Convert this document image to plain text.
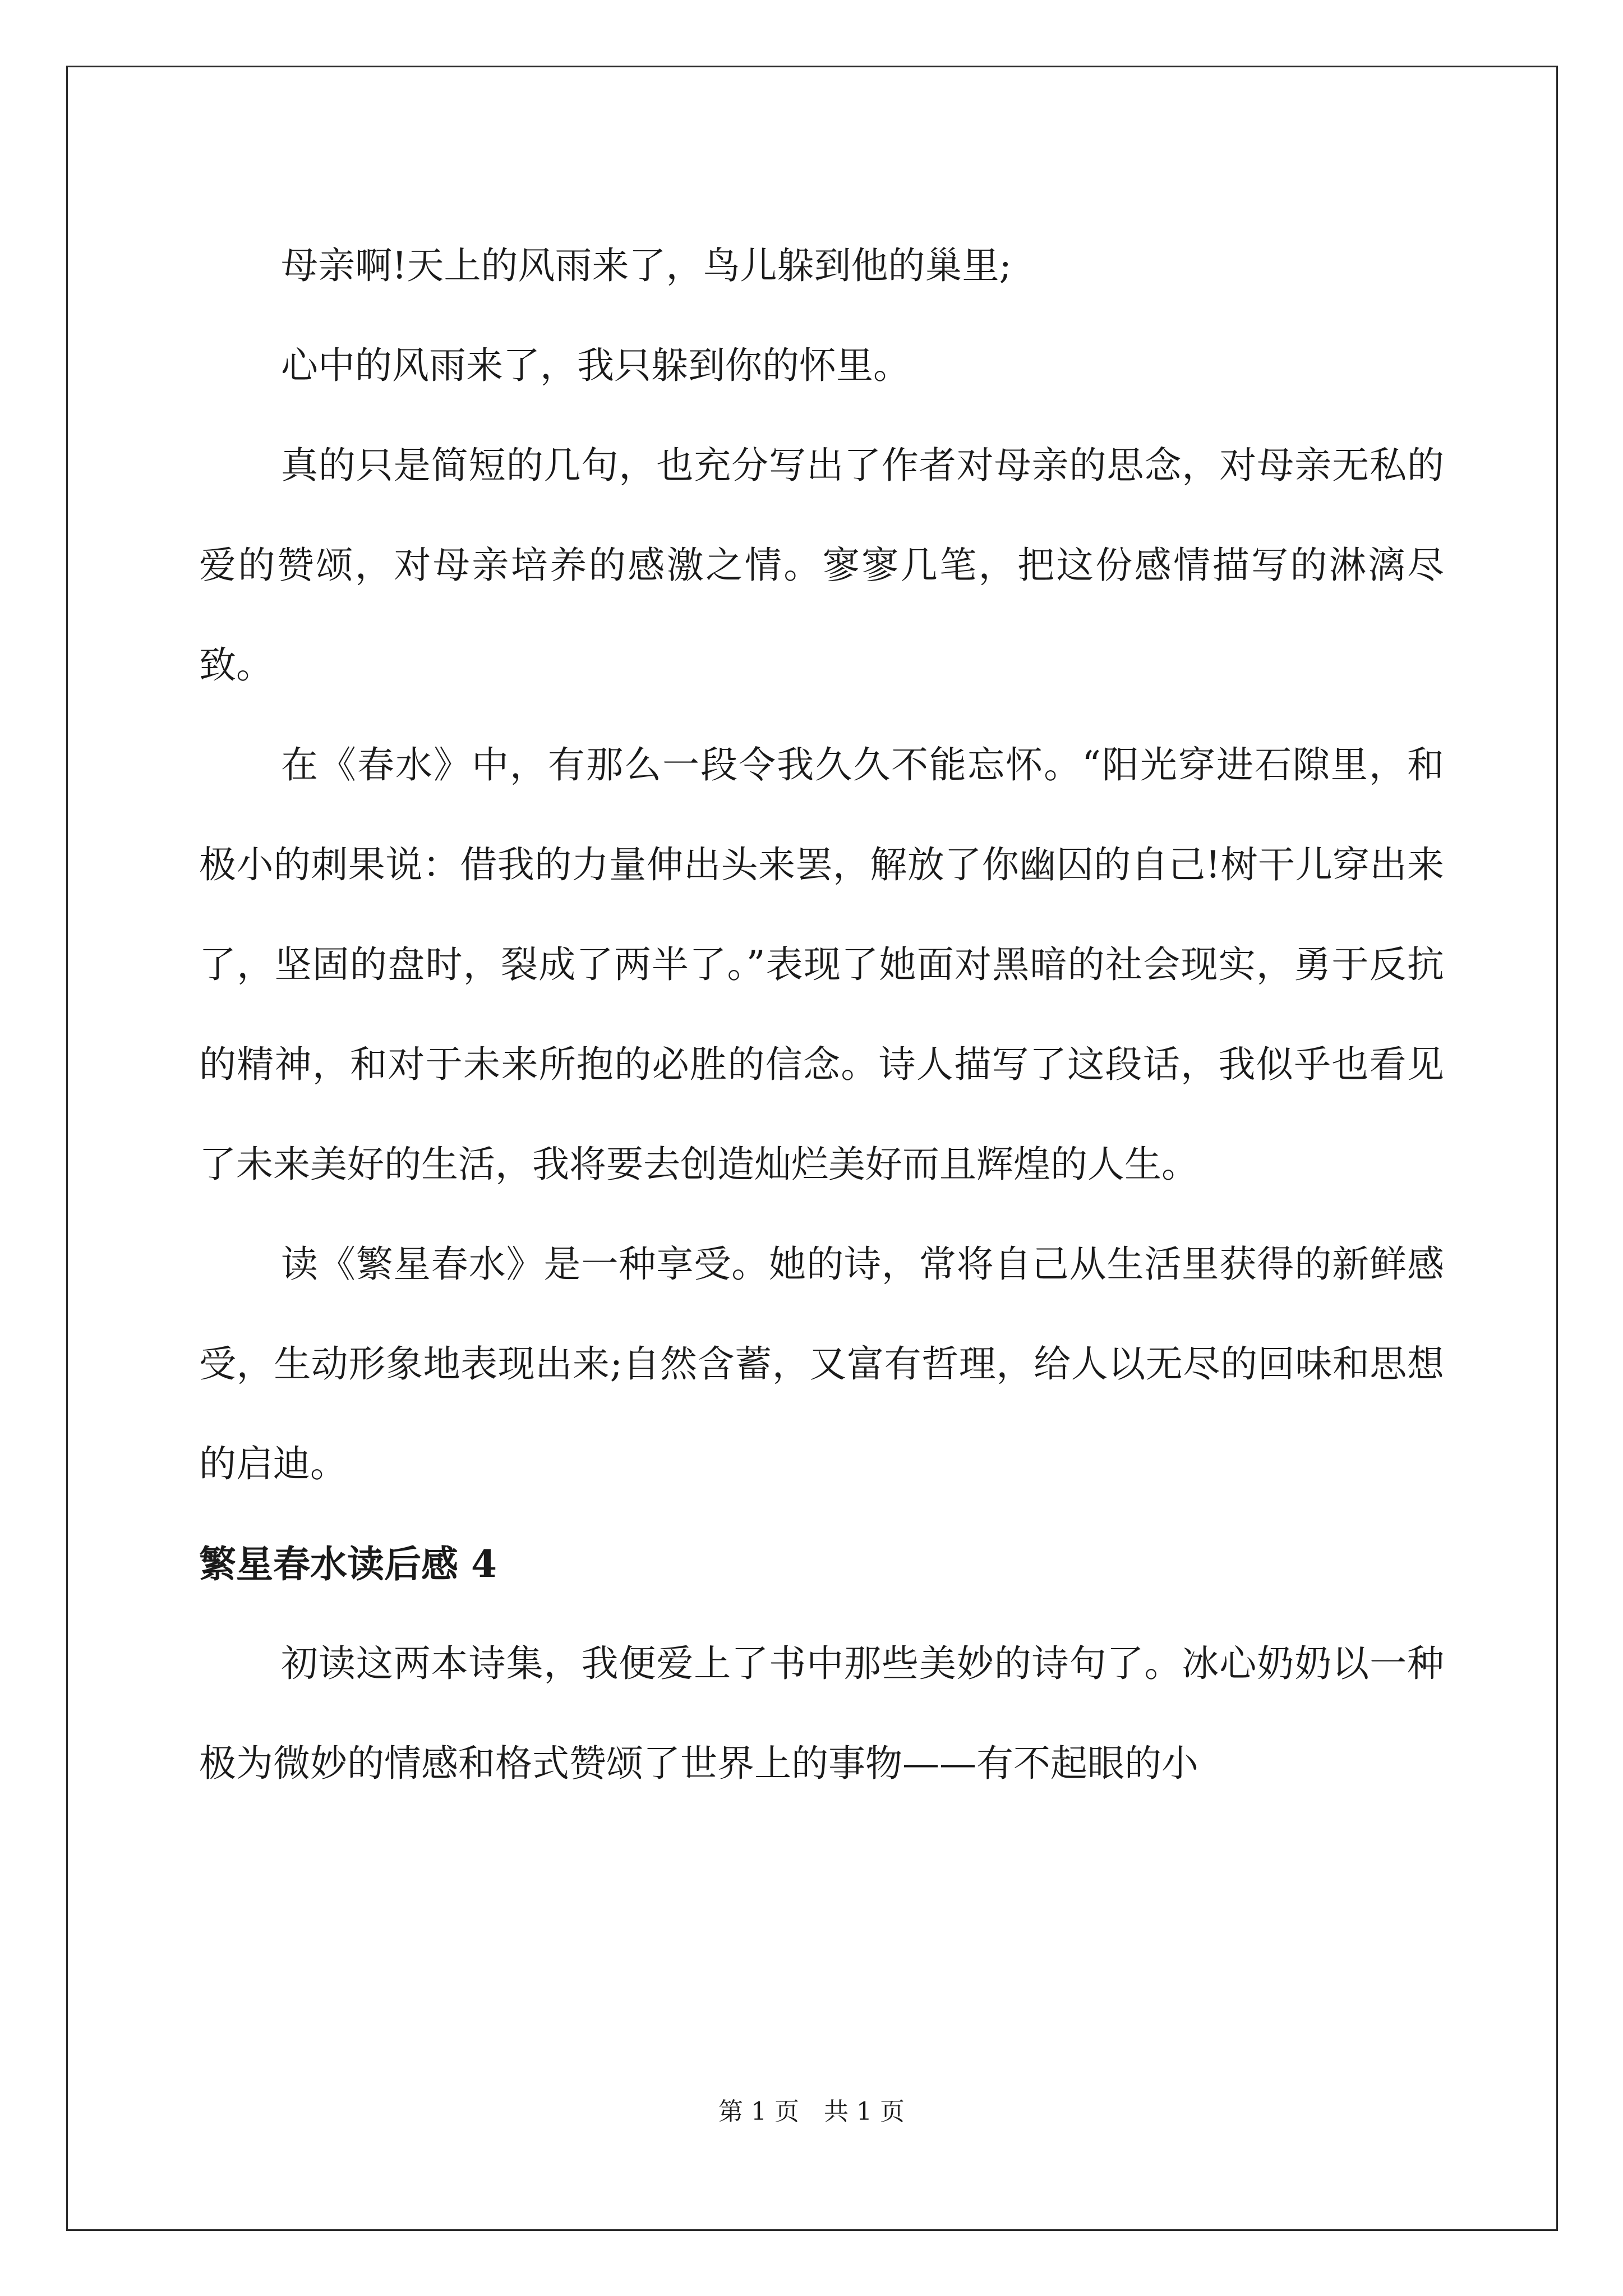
母亲啊!天上的风雨来了，鸟儿躲到他的巢里;

心中的风雨来了，我只躲到你的怀里。

真的只是简短的几句，也充分写出了作者对母亲的思念，对母亲无私的爱的赞颂，对母亲培养的感激之情。寥寥几笔，把这份感情描写的淋漓尽致。

在《春水》中，有那么一段令我久久不能忘怀。“阳光穿进石隙里，和极小的刺果说：借我的力量伸出头来罢，解放了你幽囚的自己!树干儿穿出来了，坚固的盘时，裂成了两半了。”表现了她面对黑暗的社会现实，勇于反抗的精神，和对于未来所抱的必胜的信念。诗人描写了这段话，我似乎也看见了未来美好的生活，我将要去创造灿烂美好而且辉煌的人生。

读《繁星春水》是一种享受。她的诗，常将自己从生活里获得的新鲜感受，生动形象地表现出来;自然含蓄，又富有哲理，给人以无尽的回味和思想的启迪。

繁星春水读后感 4

初读这两本诗集，我便爱上了书中那些美妙的诗句了。冰心奶奶以一种极为微妙的情感和格式赞颂了世界上的事物——有不起眼的小

第 1 页　共 1 页
